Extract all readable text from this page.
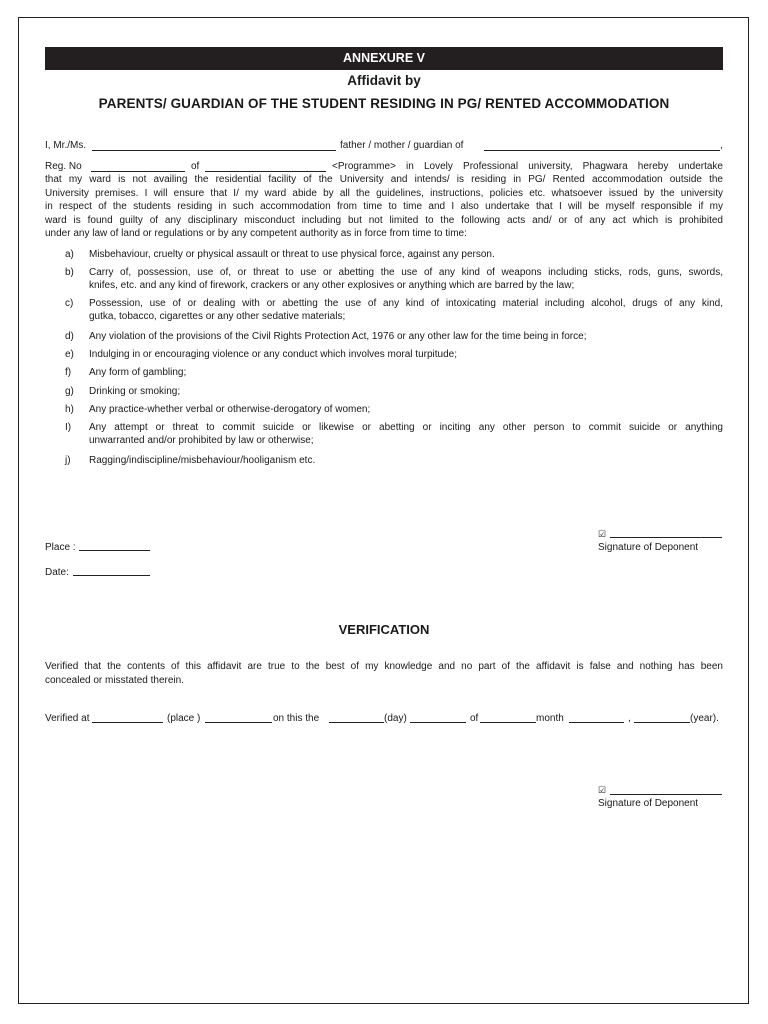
ANNEXURE V
Affidavit by
PARENTS/ GUARDIAN OF THE STUDENT RESIDING IN PG/ RENTED ACCOMMODATION
I, Mr./Ms.	father / mother / guardian of	,
Reg. No	of	<Programme> in Lovely Professional university, Phagwara hereby undertake
that my ward is not availing the residential facility of the University and intends/ is residing in PG/ Rented accommodation outside the
University premises. I will ensure that I/ my ward abide by all the guidelines, instructions, policies etc. whatsoever issued by the university
in respect of the students residing in such accommodation from time to time and I also undertake that I will be myself responsible if my
ward is found guilty of any disciplinary misconduct including but not limited to the following acts and/ or of any act which is prohibited
under any law of land or regulations or by any competent authority as in force from time to time:
a) Misbehaviour, cruelty or physical assault or threat to use physical force, against any person.
b) Carry of, possession, use of, or threat to use or abetting the use of any kind of weapons including sticks, rods, guns, swords,
knifes, etc. and any kind of firework, crackers or any other explosives or anything which are barred by the law;
c) Possession, use of or dealing with or abetting the use of any kind of intoxicating material including alcohol, drugs of any kind,
gutka, tobacco, cigarettes or any other sedative materials;
d) Any violation of the provisions of the Civil Rights Protection Act, 1976 or any other law for the time being in force;
e) Indulging in or encouraging violence or any conduct which involves moral turpitude;
f) Any form of gambling;
g) Drinking or smoking;
h) Any practice-whether verbal or otherwise-derogatory of women;
I) Any attempt or threat to commit suicide or likewise or abetting or inciting any other person to commit suicide or anything
unwarranted and/or prohibited by law or otherwise;
j) Ragging/indiscipline/misbehaviour/hooliganism etc.
☑
Signature of Deponent
Place :
Date:
VERIFICATION
Verified that the contents of this affidavit are true to the best of my knowledge and no part of the affidavit is false and nothing has been
concealed or misstated therein.
Verified at	(place )	on this the	(day)	of	month	,	(year).
☑
Signature of Deponent
